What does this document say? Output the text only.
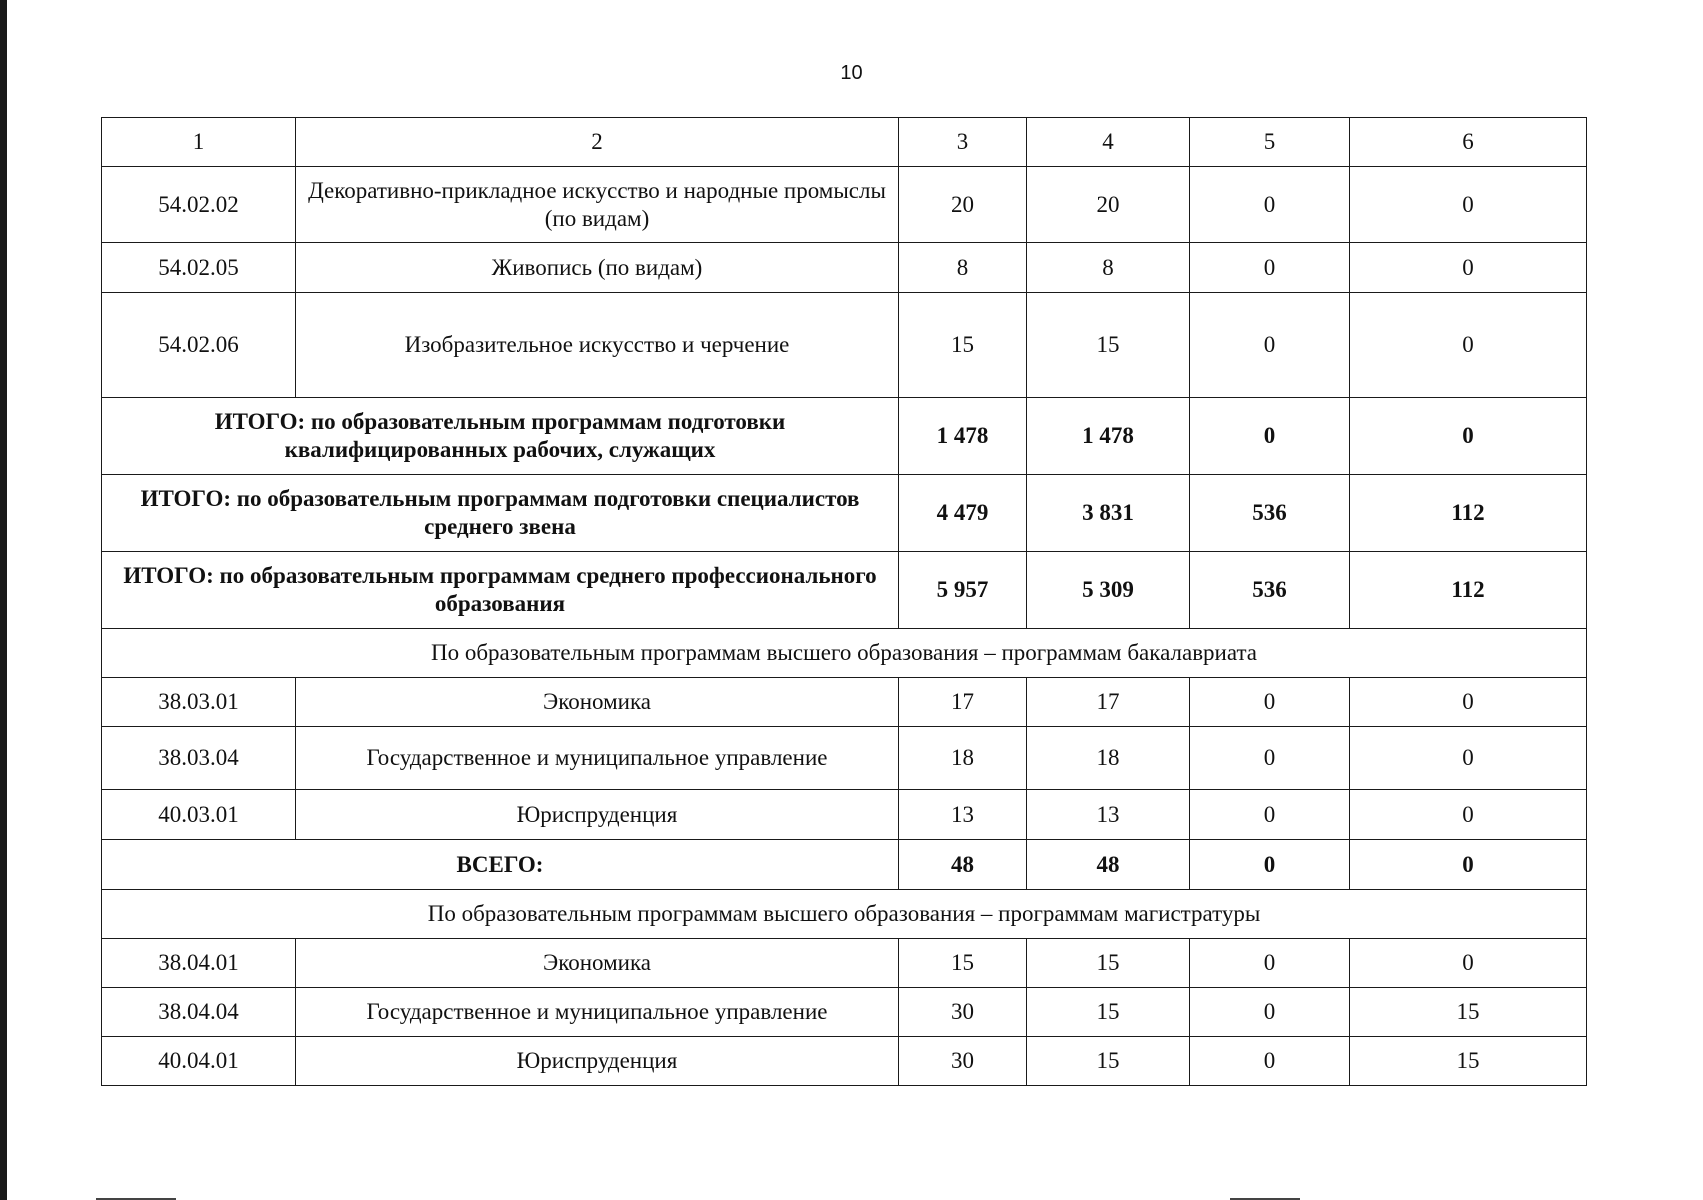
10
1	2	3	4	5	6
54.02.02	Декоративно-прикладное искусство и народные промыслы (по видам)	20	20	0	0
54.02.05	Живопись (по видам)	8	8	0	0
54.02.06	Изобразительное искусство и черчение	15	15	0	0
ИТОГО: по образовательным программам подготовки квалифицированных рабочих, служащих		1 478	1 478	0	0
ИТОГО: по образовательным программам подготовки специалистов среднего звена		4 479	3 831	536	112
ИТОГО: по образовательным программам среднего профессионального образования		5 957	5 309	536	112
По образовательным программам высшего образования – программам бакалавриата					
38.03.01	Экономика	17	17	0	0
38.03.04	Государственное и муниципальное управление	18	18	0	0
40.03.01	Юриспруденция	13	13	0	0
ВСЕГО:		48	48	0	0
По образовательным программам высшего образования – программам магистратуры					
38.04.01	Экономика	15	15	0	0
38.04.04	Государственное и муниципальное управление	30	15	0	15
40.04.01	Юриспруденция	30	15	0	15
